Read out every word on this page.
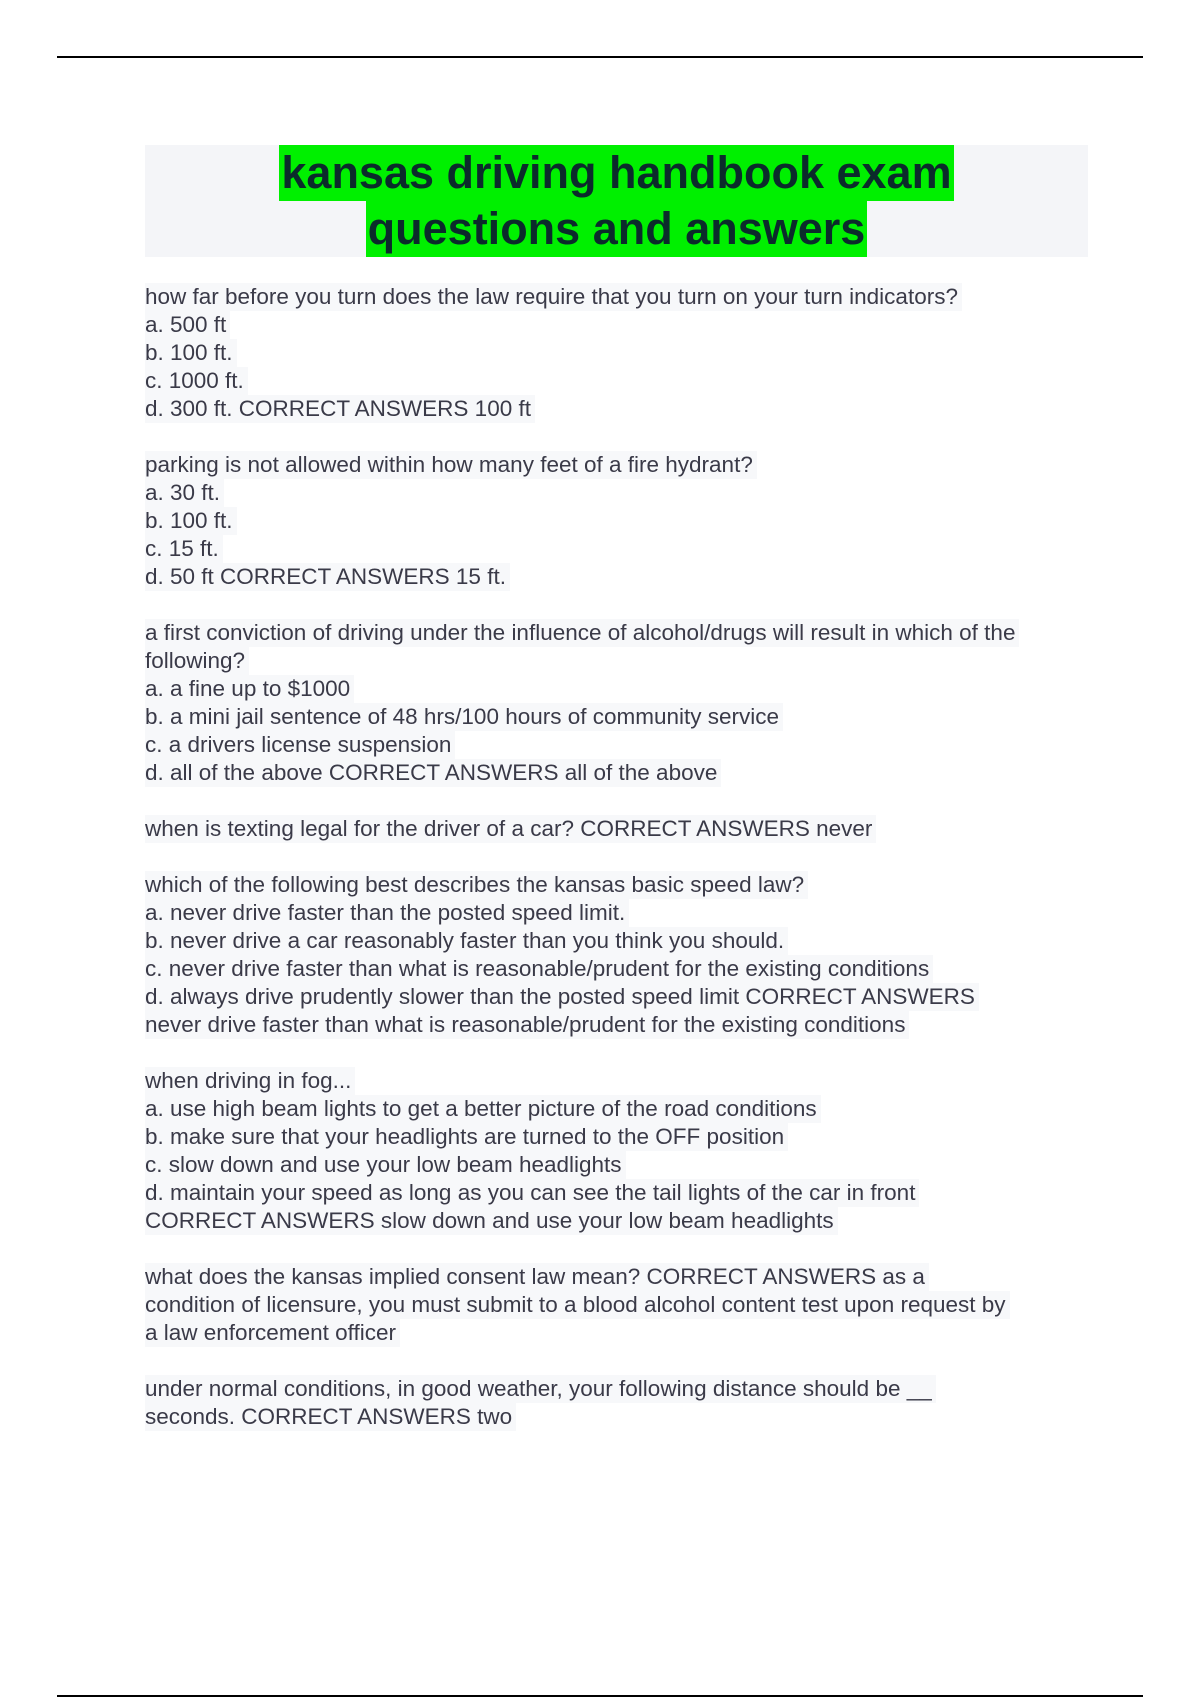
kansas driving handbook exam
questions and answers

how far before you turn does the law require that you turn on your turn indicators?

a. 500 ft

b. 100 ft.

c. 1000 ft.

d. 300 ft. CORRECT ANSWERS 100 ft

parking is not allowed within how many feet of a fire hydrant?

a. 30 ft.

b. 100 ft.

c. 15 ft.

d. 50 ft CORRECT ANSWERS 15 ft.

a first conviction of driving under the influence of alcohol/drugs will result in which of the

following?

a. a fine up to $1000

b. a mini jail sentence of 48 hrs/100 hours of community service

c. a drivers license suspension

d. all of the above CORRECT ANSWERS all of the above

when is texting legal for the driver of a car? CORRECT ANSWERS never

which of the following best describes the kansas basic speed law?

a. never drive faster than the posted speed limit.

b. never drive a car reasonably faster than you think you should.

c. never drive faster than what is reasonable/prudent for the existing conditions

d. always drive prudently slower than the posted speed limit CORRECT ANSWERS

never drive faster than what is reasonable/prudent for the existing conditions

when driving in fog...

a. use high beam lights to get a better picture of the road conditions

b. make sure that your headlights are turned to the OFF position

c. slow down and use your low beam headlights

d. maintain your speed as long as you can see the tail lights of the car in front

CORRECT ANSWERS slow down and use your low beam headlights

what does the kansas implied consent law mean? CORRECT ANSWERS as a

condition of licensure, you must submit to a blood alcohol content test upon request by

a law enforcement officer

under normal conditions, in good weather, your following distance should be __

seconds. CORRECT ANSWERS two
